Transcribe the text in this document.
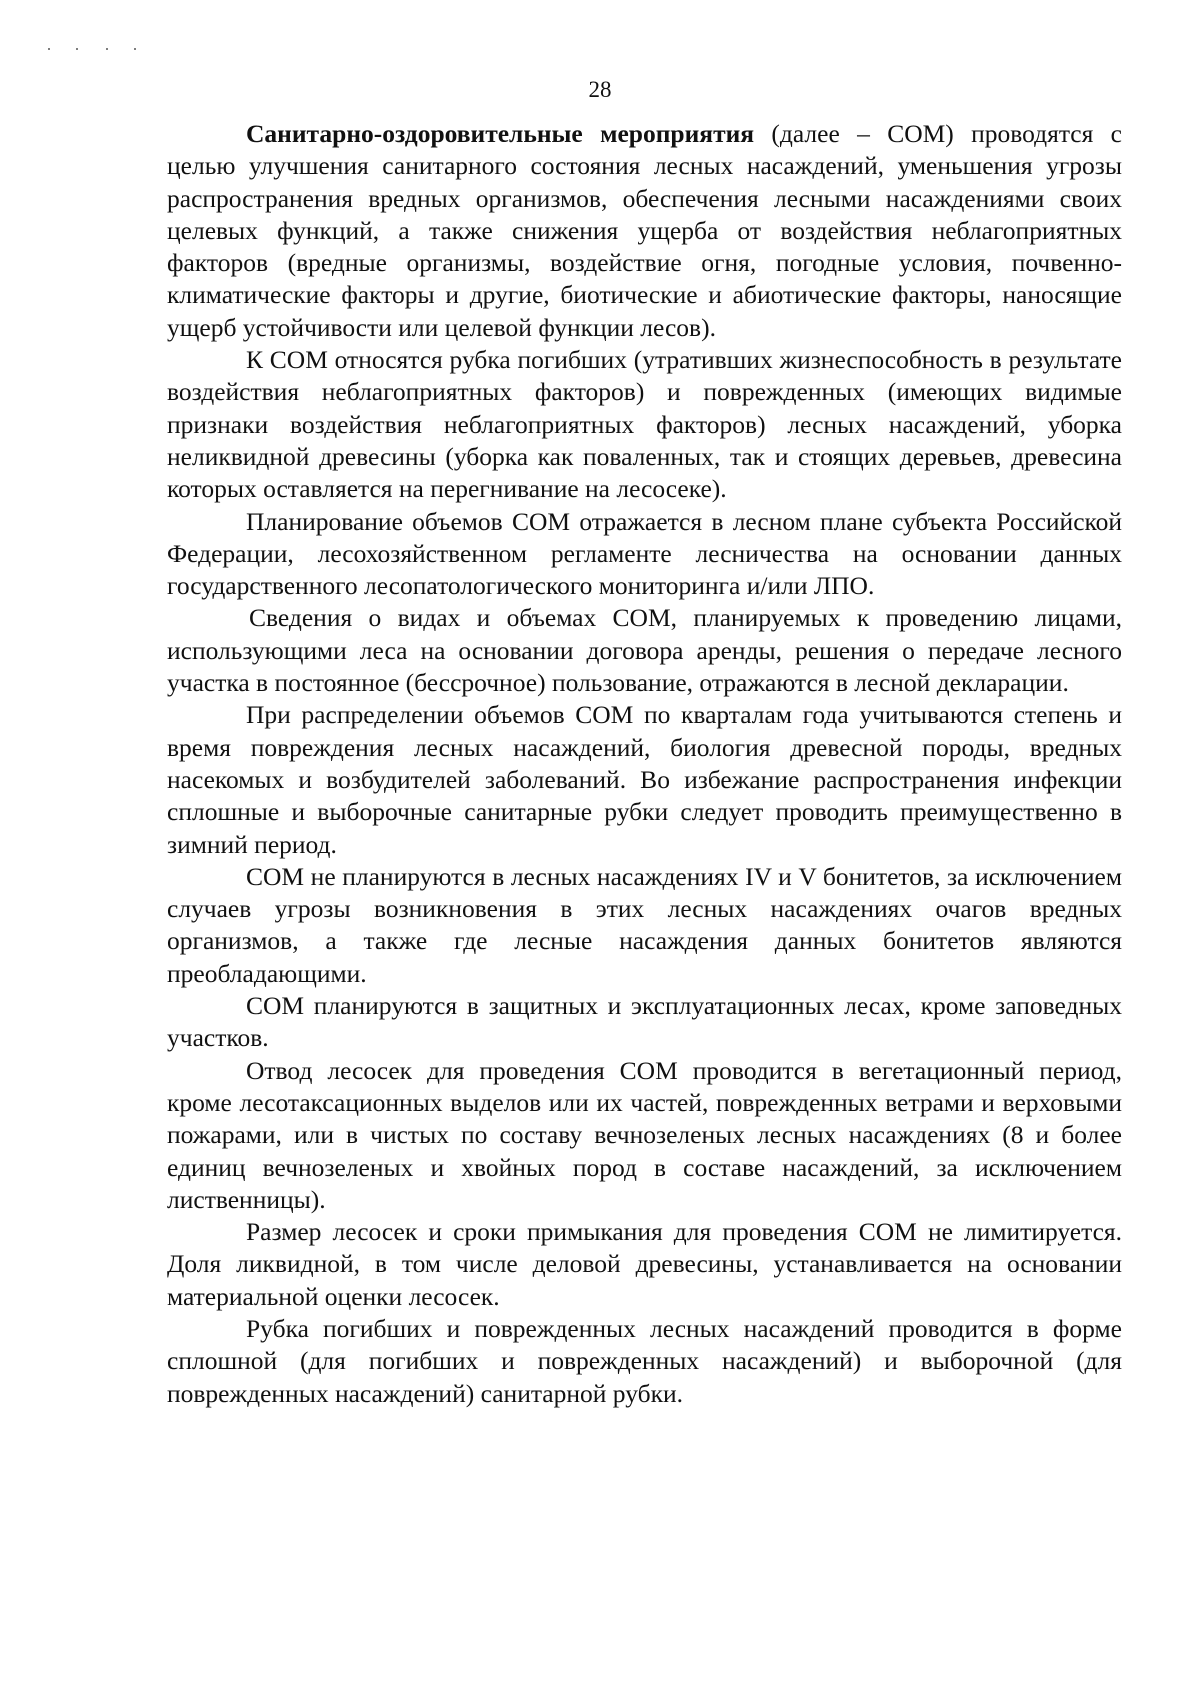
28

Санитарно-оздоровительные мероприятия (далее – СОМ) проводятся с целью улучшения санитарного состояния лесных насаждений, уменьшения угрозы распространения вредных организмов, обеспечения лесными насаждениями своих целевых функций, а также снижения ущерба от воздействия неблагоприятных факторов (вредные организмы, воздействие огня, погодные условия, почвенно-климатические факторы и другие, биотические и абиотические факторы, наносящие ущерб устойчивости или целевой функции лесов).

К СОМ относятся рубка погибших (утративших жизнеспособность в результате воздействия неблагоприятных факторов) и поврежденных (имеющих видимые признаки воздействия неблагоприятных факторов) лесных насаждений, уборка неликвидной древесины (уборка как поваленных, так и стоящих деревьев, древесина которых оставляется на перегнивание на лесосеке).

Планирование объемов СОМ отражается в лесном плане субъекта Российской Федерации, лесохозяйственном регламенте лесничества на основании данных государственного лесопатологического мониторинга и/или ЛПО.

Сведения о видах и объемах СОМ, планируемых к проведению лицами, использующими леса на основании договора аренды, решения о передаче лесного участка в постоянное (бессрочное) пользование, отражаются в лесной декларации.

При распределении объемов СОМ по кварталам года учитываются степень и время повреждения лесных насаждений, биология древесной породы, вредных насекомых и возбудителей заболеваний. Во избежание распространения инфекции сплошные и выборочные санитарные рубки следует проводить преимущественно в зимний период.

СОМ не планируются в лесных насаждениях IV и V бонитетов, за исключением случаев угрозы возникновения в этих лесных насаждениях очагов вредных организмов, а также где лесные насаждения данных бонитетов являются преобладающими.

СОМ планируются в защитных и эксплуатационных лесах, кроме заповедных участков.

Отвод лесосек для проведения СОМ проводится в вегетационный период, кроме лесотаксационных выделов или их частей, поврежденных ветрами и верховыми пожарами, или в чистых по составу вечнозеленых лесных насаждениях (8 и более единиц вечнозеленых и хвойных пород в составе насаждений, за исключением лиственницы).

Размер лесосек и сроки примыкания для проведения СОМ не лимитируется. Доля ликвидной, в том числе деловой древесины, устанавливается на основании материальной оценки лесосек.

Рубка погибших и поврежденных лесных насаждений проводится в форме сплошной (для погибших и поврежденных насаждений) и выборочной (для поврежденных насаждений) санитарной рубки.
